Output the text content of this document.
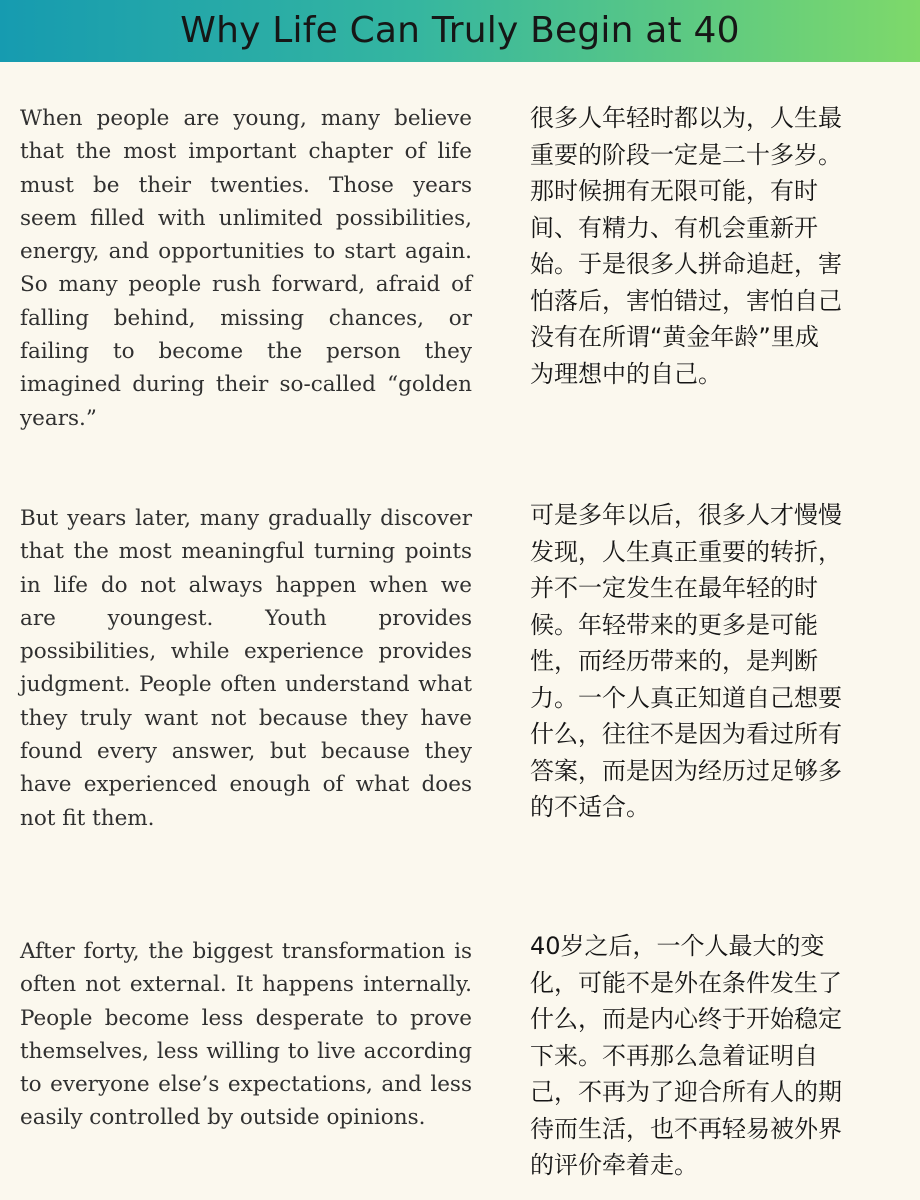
Why Life Can Truly Begin at 40

When people are young, many believe that the most important chapter of life must be their twenties. Those years seem filled with unlimited possibilities, energy, and opportunities to start again. So many people rush forward, afraid of falling behind, missing chances, or failing to become the person they imagined during their so-called “golden years.”

很多人年轻时都以为，人生最
重要的阶段一定是二十多岁。
那时候拥有无限可能，有时
间、有精力、有机会重新开
始。于是很多人拼命追赶，害
怕落后，害怕错过，害怕自己
没有在所谓“黄金年龄”里成
为理想中的自己。

But years later, many gradually discover that the most meaningful turning points in life do not always happen when we are youngest. Youth provides possibilities, while experience provides judgment. People often understand what they truly want not because they have found every answer, but because they have experienced enough of what does not fit them.

可是多年以后，很多人才慢慢
发现，人生真正重要的转折，
并不一定发生在最年轻的时
候。年轻带来的更多是可能
性，而经历带来的，是判断
力。一个人真正知道自己想要
什么，往往不是因为看过所有
答案，而是因为经历过足够多
的不适合。

After forty, the biggest transformation is often not external. It happens internally. People become less desperate to prove themselves, less willing to live according to everyone else’s expectations, and less easily controlled by outside opinions.

40岁之后，一个人最大的变
化，可能不是外在条件发生了
什么，而是内心终于开始稳定
下来。不再那么急着证明自
己，不再为了迎合所有人的期
待而生活，也不再轻易被外界
的评价牵着走。
